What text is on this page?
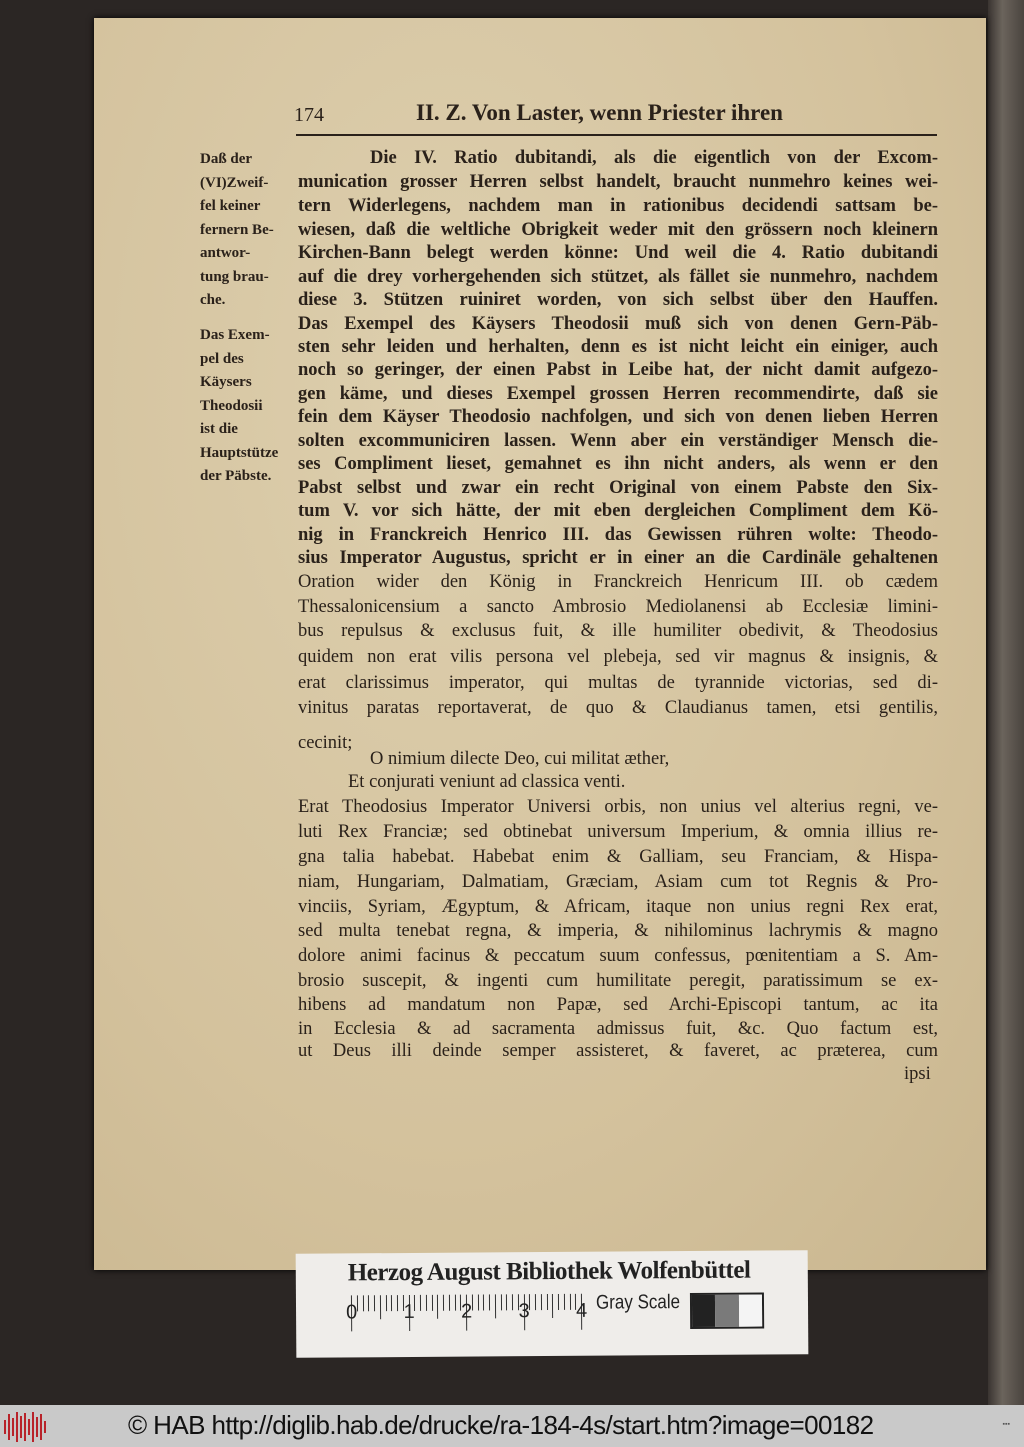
174	II. Z. Von Laster, wenn Priester ihren
Daß der
(VI)Zweif-
fel keiner
fernern Be-
antwor-
tung brau-
che.
Das Exem-
pel des
Käysers
Theodosii
ist die
Hauptstütze
der Päbste.
Die IV. Ratio dubitandi, als die eigentlich von der Excom-
munication grosser Herren selbst handelt, braucht nunmehro keines wei-
tern Widerlegens, nachdem man in rationibus decidendi sattsam be-
wiesen, daß die weltliche Obrigkeit weder mit den grössern noch kleinern
Kirchen-Bann belegt werden könne: Und weil die 4. Ratio dubitandi
auf die drey vorhergehenden sich stützet, als fället sie nunmehro, nachdem
diese 3. Stützen ruiniret worden, von sich selbst über den Hauffen.
Das Exempel des Käysers Theodosii muß sich von denen Gern-Päb-
sten sehr leiden und herhalten, denn es ist nicht leicht ein einiger, auch
noch so geringer, der einen Pabst in Leibe hat, der nicht damit aufgezo-
gen käme, und dieses Exempel grossen Herren recommendirte, daß sie
fein dem Käyser Theodosio nachfolgen, und sich von denen lieben Herren
solten excommuniciren lassen. Wenn aber ein verständiger Mensch die-
ses Compliment lieset, gemahnet es ihn nicht anders, als wenn er den
Pabst selbst und zwar ein recht Original von einem Pabste den Six-
tum V. vor sich hätte, der mit eben dergleichen Compliment dem Kö-
nig in Franckreich Henrico III. das Gewissen rühren wolte: Theodo-
sius Imperator Augustus, spricht er in einer an die Cardinäle gehaltenen
Oration wider den König in Franckreich Henricum III. ob cædem
Thessalonicensium a sancto Ambrosio Mediolanensi ab Ecclesiæ limini-
bus repulsus & exclusus fuit, & ille humiliter obedivit, & Theodosius
quidem non erat vilis persona vel plebeja, sed vir magnus & insignis, &
erat clarissimus imperator, qui multas de tyrannide victorias, sed di-
vinitus paratas reportaverat, de quo & Claudianus tamen, etsi gentilis,
cecinit;
O nimium dilecte Deo, cui militat æther,
Et conjurati veniunt ad classica venti.
Erat Theodosius Imperator Universi orbis, non unius vel alterius regni, ve-
luti Rex Franciæ; sed obtinebat universum Imperium, & omnia illius re-
gna talia habebat. Habebat enim & Galliam, seu Franciam, & Hispa-
niam, Hungariam, Dalmatiam, Græciam, Asiam cum tot Regnis & Pro-
vinciis, Syriam, Ægyptum, & Africam, itaque non unius regni Rex erat,
sed multa tenebat regna, & imperia, & nihilominus lachrymis & magno
dolore animi facinus & peccatum suum confessus, pœnitentiam a S. Am-
brosio suscepit, & ingenti cum humilitate peregit, paratissimum se ex-
hibens ad mandatum non Papæ, sed Archi-Episcopi tantum, ac ita
in Ecclesia & ad sacramenta admissus fuit, &c. Quo factum est,
ut Deus illi deinde semper assisteret, & faveret, ac præterea, cum
ipsi
Herzog August Bibliothek Wolfenbüttel
Gray Scale
0 1 2 3 4
© HAB http://diglib.hab.de/drucke/ra-184-4s/start.htm?image=00182	▪▪▪
